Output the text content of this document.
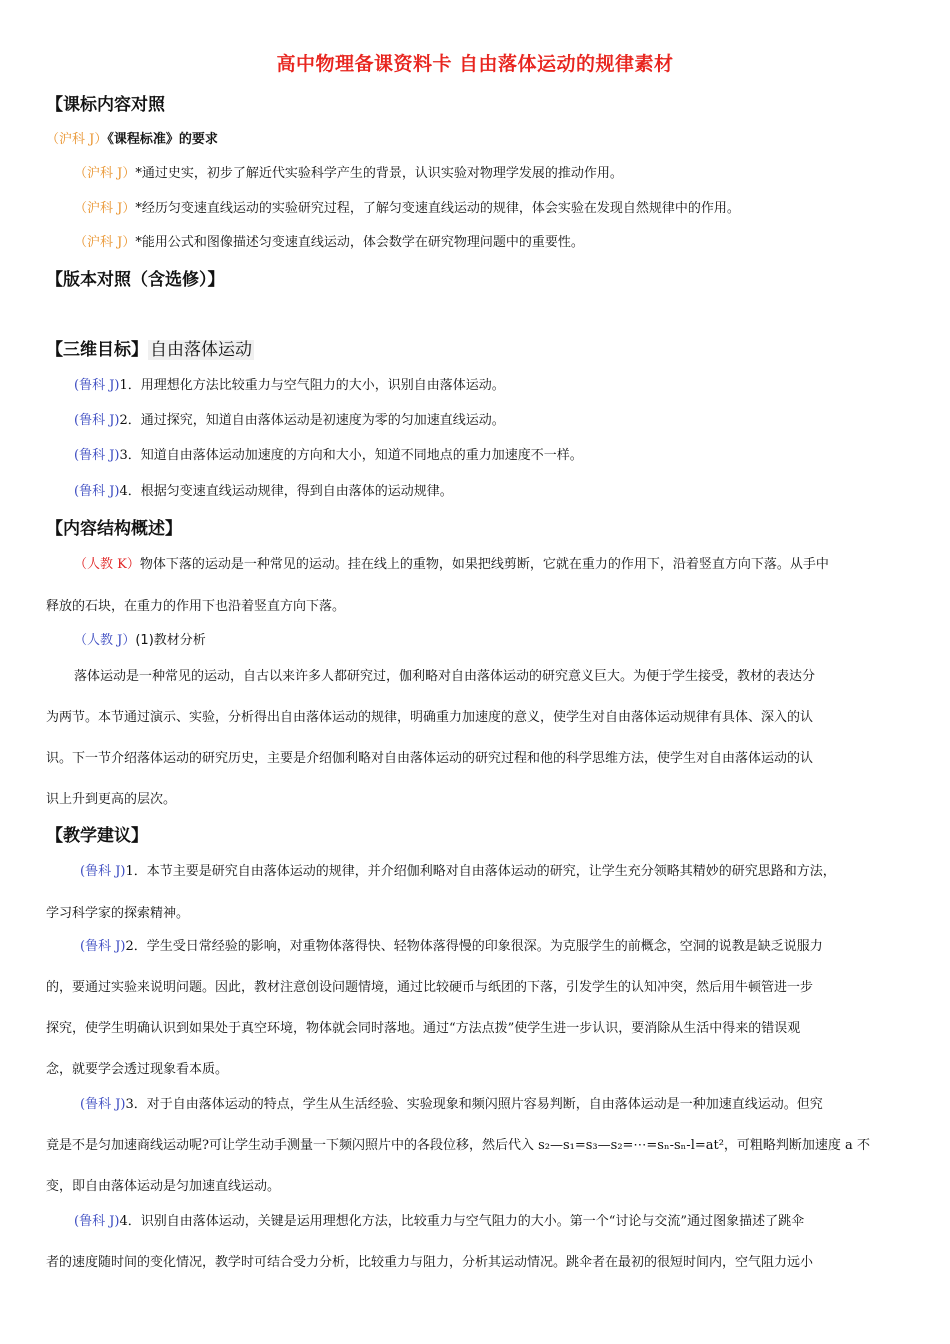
高中物理备课资料卡 自由落体运动的规律素材
【课标内容对照
（沪科 J）《课程标准》的要求
（沪科 J）*通过史实，初步了解近代实验科学产生的背景，认识实验对物理学发展的推动作用。
（沪科 J）*经历匀变速直线运动的实验研究过程，了解匀变速直线运动的规律，体会实验在发现自然规律中的作用。
（沪科 J）*能用公式和图像描述匀变速直线运动，体会数学在研究物理问题中的重要性。
【版本对照（含选修）】
【三维目标】 自由落体运动
(鲁科 J)1．用理想化方法比较重力与空气阻力的大小，识别自由落体运动。
(鲁科 J)2．通过探究，知道自由落体运动是初速度为零的匀加速直线运动。
(鲁科 J)3．知道自由落体运动加速度的方向和大小，知道不同地点的重力加速度不一样。
(鲁科 J)4．根据匀变速直线运动规律，得到自由落体的运动规律。
【内容结构概述】
（人教 K）物体下落的运动是一种常见的运动。挂在线上的重物，如果把线剪断，它就在重力的作用下，沿着竖直方向下落。从手中
释放的石块，在重力的作用下也沿着竖直方向下落。
（人教 J）(1)教材分析
落体运动是一种常见的运动，自古以来许多人都研究过，伽利略对自由落体运动的研究意义巨大。为便于学生接受，教材的表达分
为两节。本节通过演示、实验，分析得出自由落体运动的规律，明确重力加速度的意义，使学生对自由落体运动规律有具体、深入的认
识。下一节介绍落体运动的研究历史，主要是介绍伽利略对自由落体运动的研究过程和他的科学思维方法，使学生对自由落体运动的认
识上升到更高的层次。
【教学建议】
(鲁科 J)1．本节主要是研究自由落体运动的规律，并介绍伽利略对自由落体运动的研究，让学生充分领略其精妙的研究思路和方法，
学习科学家的探索精神。
(鲁科 J)2．学生受日常经验的影响，对重物体落得快、轻物体落得慢的印象很深。为克服学生的前概念，空洞的说教是缺乏说服力
的，要通过实验来说明问题。因此，教材注意创设问题情境，通过比较硬币与纸团的下落，引发学生的认知冲突，然后用牛顿管进一步
探究，使学生明确认识到如果处于真空环境，物体就会同时落地。通过“方法点拨”使学生进一步认识，要消除从生活中得来的错误观
念，就要学会透过现象看本质。
(鲁科 J)3．对于自由落体运动的特点，学生从生活经验、实验现象和频闪照片容易判断，自由落体运动是一种加速直线运动。但究
竟是不是匀加速商线运动呢?可让学生动手测量一下频闪照片中的各段位移，然后代入 s₂—s₁=s₃—s₂=⋯=sₙ-sₙ-l=at²，可粗略判断加速度 a 不
变，即自由落体运动是匀加速直线运动。
(鲁科 J)4．识别自由落体运动，关键是运用理想化方法，比较重力与空气阻力的大小。第一个“讨论与交流”通过图象描述了跳伞
者的速度随时间的变化情况，教学时可结合受力分析，比较重力与阻力，分析其运动情况。跳伞者在最初的很短时间内，空气阻力远小
